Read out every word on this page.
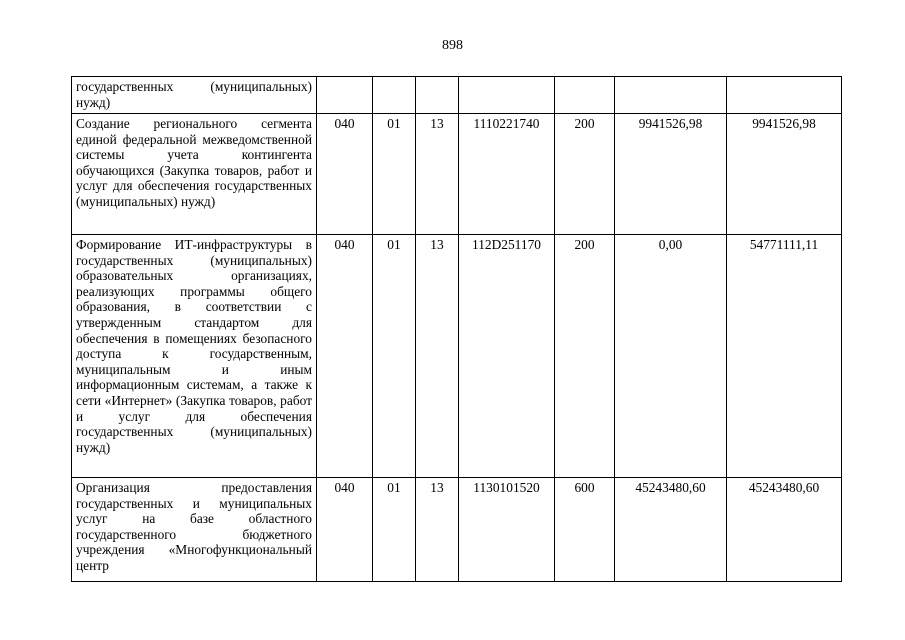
898
государственных (муниципальных) нужд)							
Создание регионального сегмента единой федеральной межведомственной системы учета контингента обучающихся (Закупка товаров, работ и услуг для обеспечения государственных (муниципальных) нужд)	040	01	13	1110221740	200	9941526,98	9941526,98
Формирование ИТ-инфраструктуры в государственных (муниципальных) образовательных организациях, реализующих программы общего образования, в соответствии с утвержденным стандартом для обеспечения в помещениях безопасного доступа к государственным, муниципальным и иным информационным системам, а также к сети «Интернет» (Закупка товаров, работ и услуг для обеспечения государственных (муниципальных) нужд)	040	01	13	112D251170	200	0,00	54771111,11
Организация предоставления государственных и муниципальных услуг на базе областного государственного бюджетного учреждения «Многофункциональный центр	040	01	13	1130101520	600	45243480,60	45243480,60
